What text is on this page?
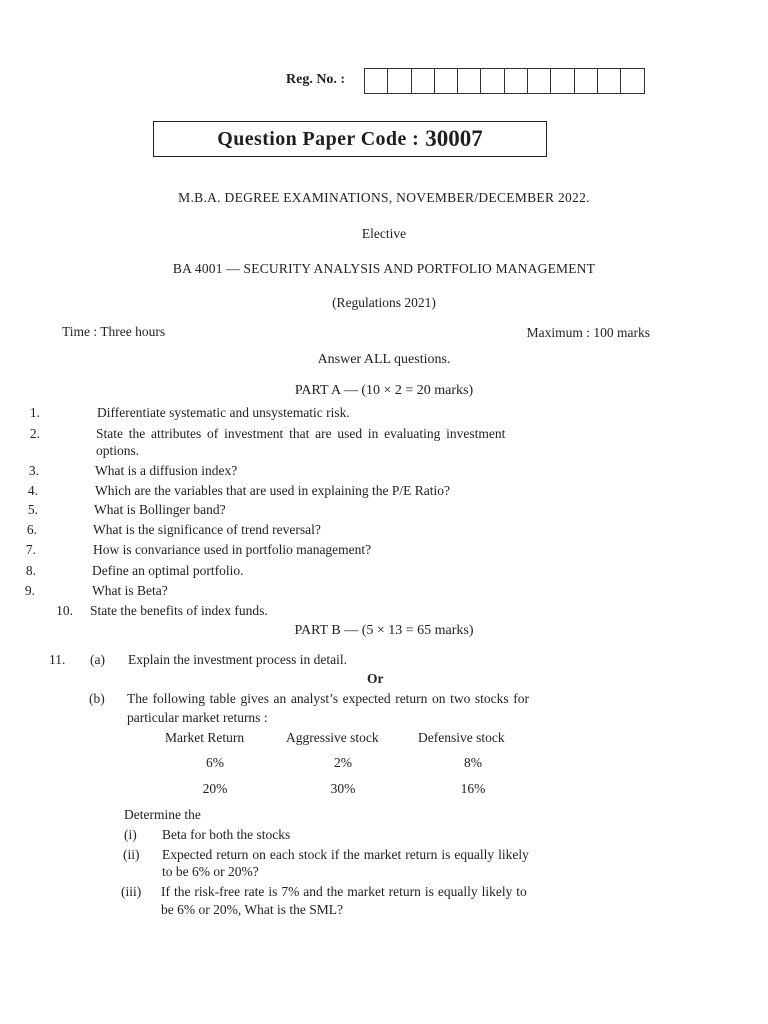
Reg. No. :
Question Paper Code : 30007
M.B.A. DEGREE EXAMINATIONS, NOVEMBER/DECEMBER 2022.
Elective
BA 4001 — SECURITY ANALYSIS AND PORTFOLIO MANAGEMENT
(Regulations 2021)
Time : Three hours	Maximum : 100 marks
Answer ALL questions.
PART A — (10 × 2 = 20 marks)
1.	Differentiate systematic and unsystematic risk.
2.	State the attributes of investment that are used in evaluating investment
options.
3.	What is a diffusion index?
4.	Which are the variables that are used in explaining the P/E Ratio?
5.	What is Bollinger band?
6.	What is the significance of trend reversal?
7.	How is convariance used in portfolio management?
8.	Define an optimal portfolio.
9.	What is Beta?
10. State the benefits of index funds.
PART B — (5 × 13 = 65 marks)
11. (a) Explain the investment process in detail.
Or
(b) The following table gives an analyst’s expected return on two stocks for
particular market returns :
Market Return	Aggressive stock	Defensive stock
6%	2%	8%
20%	30%	16%
Determine the
(i) Beta for both the stocks
(ii) Expected return on each stock if the market return is equally likely
to be 6% or 20%?
(iii) If the risk-free rate is 7% and the market return is equally likely to
be 6% or 20%, What is the SML?
